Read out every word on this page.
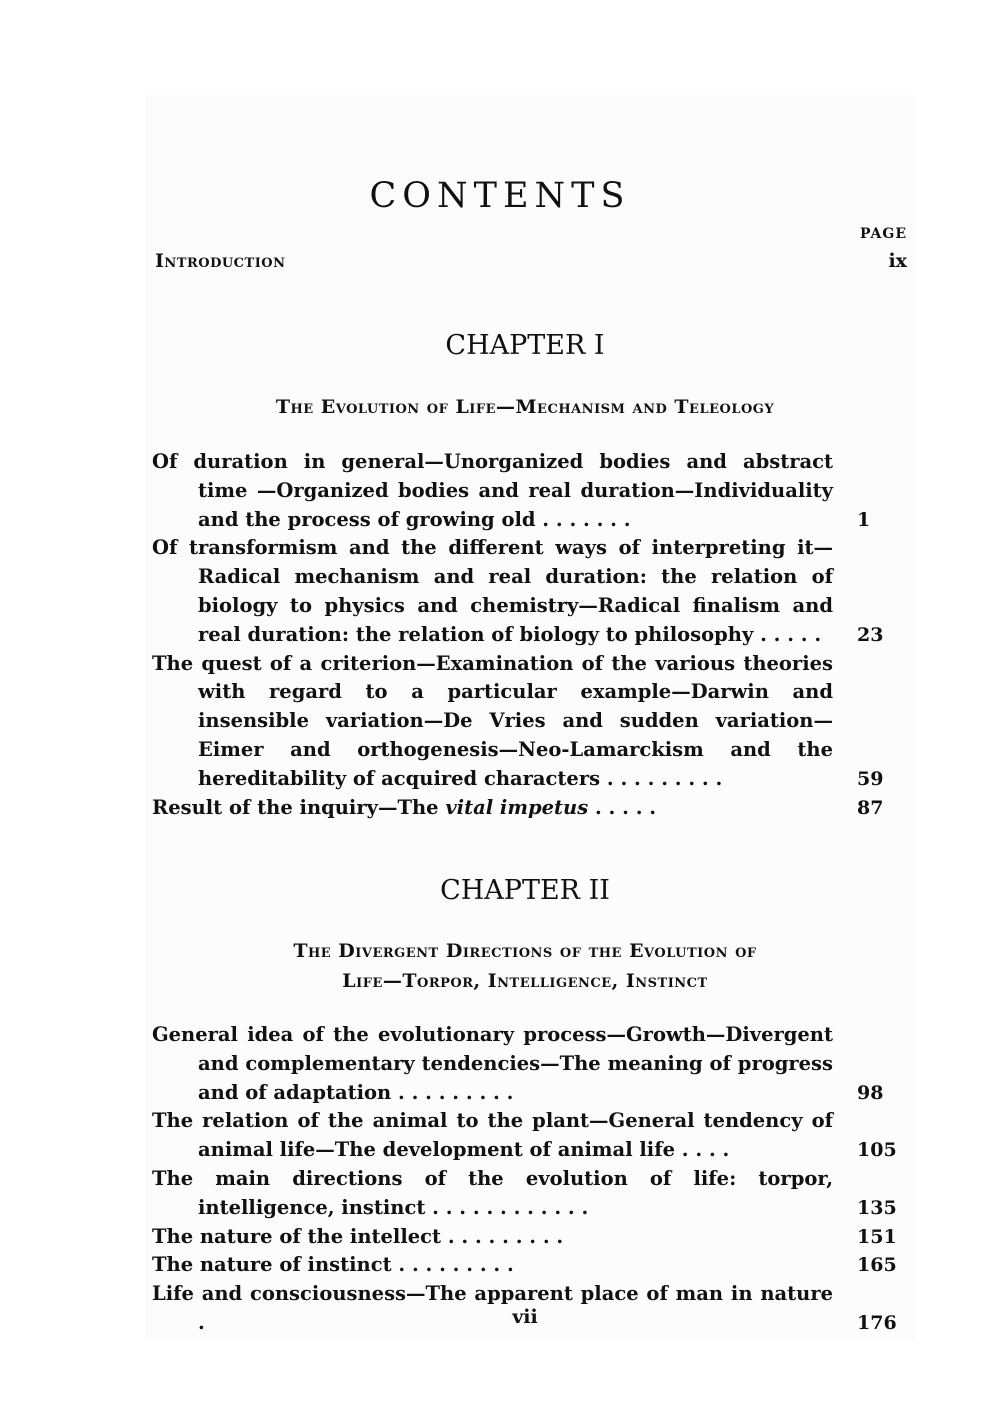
CONTENTS
PAGE
Introduction	ix
CHAPTER I
The Evolution of Life—Mechanism and Teleology
Of duration in general—Unorganized bodies and abstract time —Organized bodies and real duration—Individuality and the process of growing old . . . . . . .	1
Of transformism and the different ways of interpreting it—Radical mechanism and real duration: the relation of biology to physics and chemistry—Radical finalism and real duration: the relation of biology to philosophy . . . . .	23
The quest of a criterion—Examination of the various theories with regard to a particular example—Darwin and insensible variation—De Vries and sudden variation—Eimer and orthogenesis—Neo-Lamarckism and the hereditability of acquired characters . . . . . . . . .	59
Result of the inquiry—The vital impetus . . . . .	87
CHAPTER II
The Divergent Directions of the Evolution of
Life—Torpor, Intelligence, Instinct
General idea of the evolutionary process—Growth—Divergent and complementary tendencies—The meaning of progress and of adaptation . . . . . . . . .	98
The relation of the animal to the plant—General tendency of animal life—The development of animal life . . . .	105
The main directions of the evolution of life: torpor, intelligence, instinct . . . . . . . . . . . .	135
The nature of the intellect . . . . . . . . .	151
The nature of instinct . . . . . . . . .	165
Life and consciousness—The apparent place of man in nature .	176
vii
